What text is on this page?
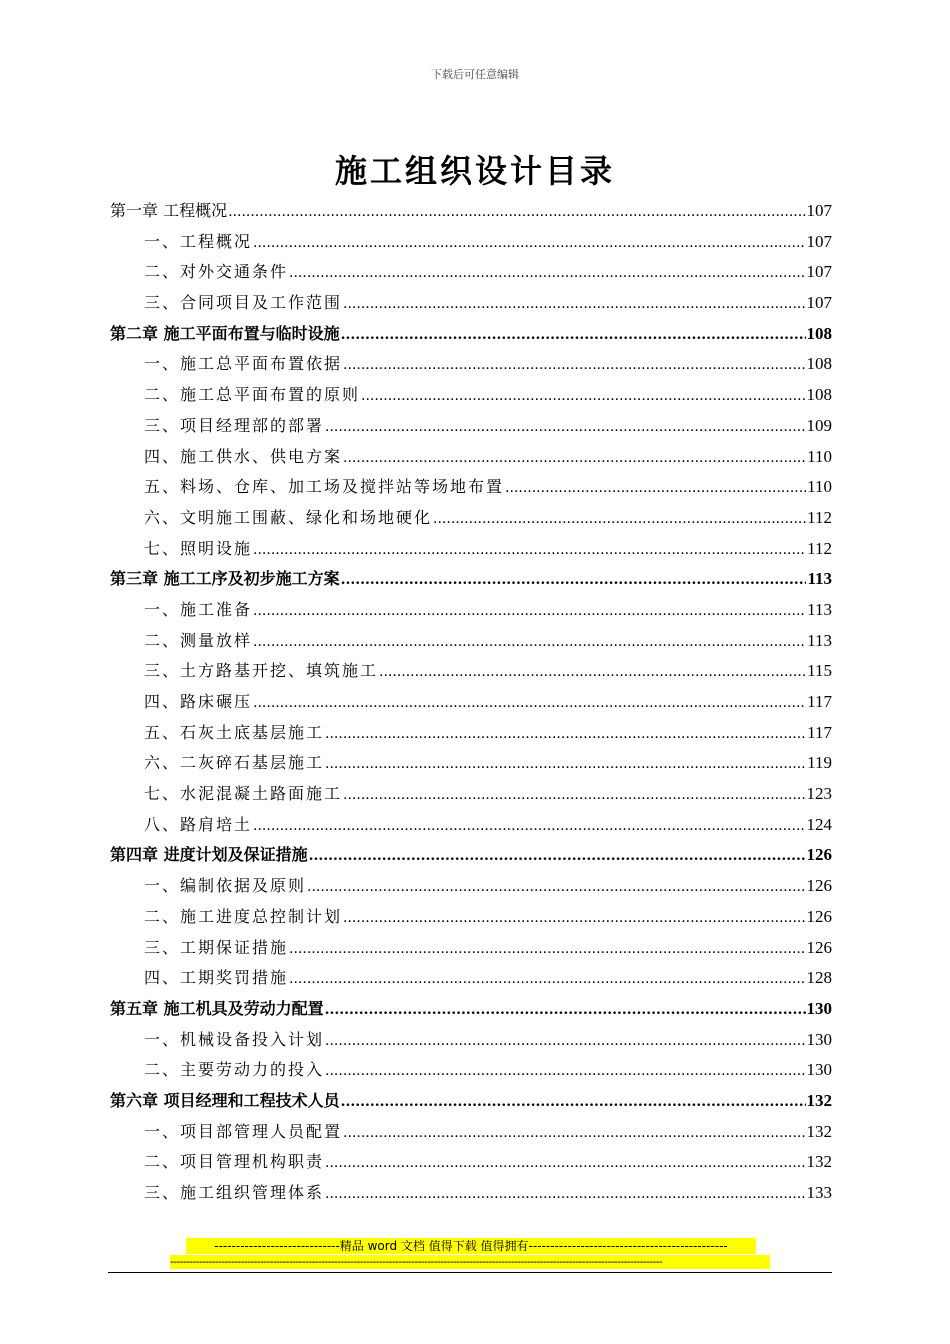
下载后可任意编辑
施工组织设计目录
第一章 工程概况 .....	107
一、工程概况 .....	107
二、对外交通条件 .....	107
三、合同项目及工作范围 .....	107
第二章 施工平面布置与临时设施 .....	108
一、施工总平面布置依据 .....	108
二、施工总平面布置的原则 .....	108
三、项目经理部的部署 .....	109
四、施工供水、供电方案 .....	110
五、料场、仓库、加工场及搅拌站等场地布置 .....	110
六、文明施工围蔽、绿化和场地硬化 .....	112
七、照明设施 .....	112
第三章 施工工序及初步施工方案 .....	113
一、施工准备 .....	113
二、测量放样 .....	113
三、土方路基开挖、填筑施工 .....	115
四、路床碾压 .....	117
五、石灰土底基层施工 .....	117
六、二灰碎石基层施工 .....	119
七、水泥混凝土路面施工 .....	123
八、路肩培土 .....	124
第四章 进度计划及保证措施 .....	126
一、编制依据及原则 .....	126
二、施工进度总控制计划 .....	126
三、工期保证措施 .....	126
四、工期奖罚措施 .....	128
第五章 施工机具及劳动力配置 .....	130
一、机械设备投入计划 .....	130
二、主要劳动力的投入 .....	130
第六章 项目经理和工程技术人员 .....	132
一、项目部管理人员配置 .....	132
二、项目管理机构职责 .....	132
三、施工组织管理体系 .....	133
-----------------------------精品 word 文档 值得下载 值得拥有----------------------------------------------
---------------------------------------------------------------------------------------------------------------------------------------------------------
